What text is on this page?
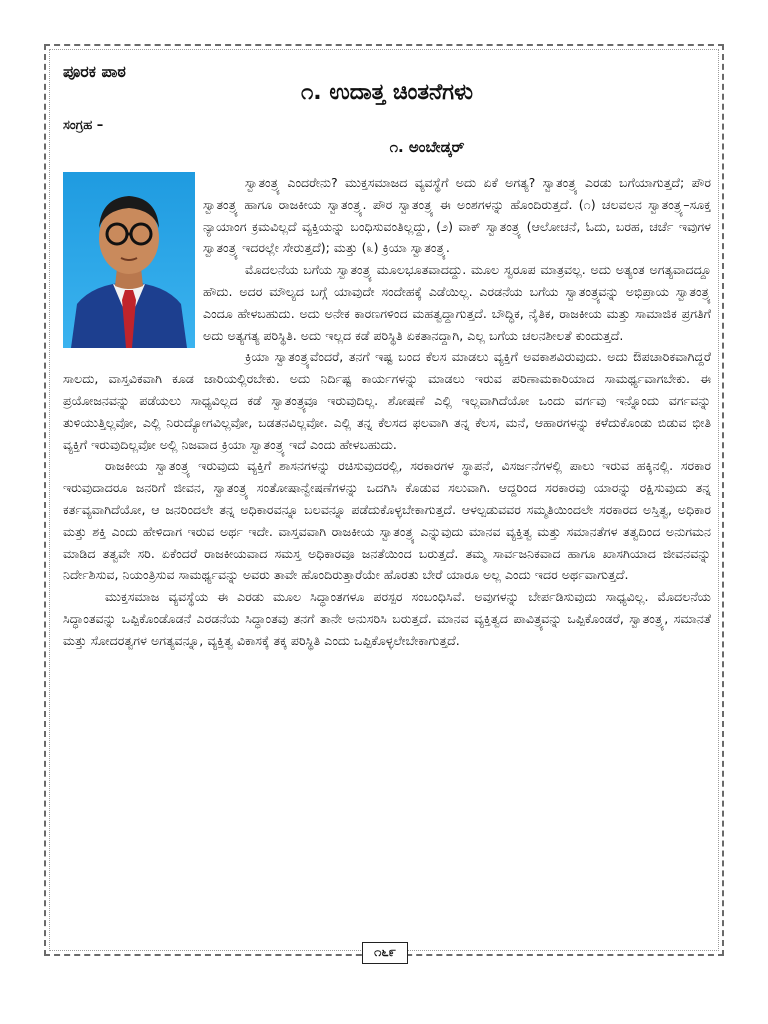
ಪೂರಕ ಪಾಠ
೧. ಉದಾತ್ತ ಚಿಂತನೆಗಳು
ಸಂಗ್ರಹ –
೧. ಅಂಬೇಡ್ಕರ್

ಸ್ವಾತಂತ್ರ್ಯ ಎಂದರೇನು? ಮುಕ್ತಸಮಾಜದ ವ್ಯವಸ್ಥೆಗೆ ಅದು ಏಕೆ ಅಗತ್ಯ? ಸ್ವಾತಂತ್ರ್ಯ ಎರಡು ಬಗೆಯಾಗುತ್ತದೆ; ಪೌರ ಸ್ವಾತಂತ್ರ್ಯ ಹಾಗೂ ರಾಜಕೀಯ ಸ್ವಾತಂತ್ರ್ಯ. ಪೌರ ಸ್ವಾತಂತ್ರ್ಯ ಈ ಅಂಶಗಳನ್ನು ಹೊಂದಿರುತ್ತದೆ. (೧) ಚಲವಲನ ಸ್ವಾತಂತ್ರ್ಯ–ಸೂಕ್ತ ನ್ಯಾಯಾಂಗ ಕ್ರಮವಿಲ್ಲದೆ ವ್ಯಕ್ತಿಯನ್ನು ಬಂಧಿಸುವಂತಿಲ್ಲದ್ದು, (೨) ವಾಕ್ ಸ್ವಾತಂತ್ರ್ಯ (ಆಲೋಚನೆ, ಓದು, ಬರಹ, ಚರ್ಚೆ ಇವುಗಳ ಸ್ವಾತಂತ್ರ್ಯ ಇದರಲ್ಲೇ ಸೇರುತ್ತದೆ); ಮತ್ತು (೩) ಕ್ರಿಯಾ ಸ್ವಾತಂತ್ರ್ಯ.

ಮೊದಲನೆಯ ಬಗೆಯ ಸ್ವಾತಂತ್ರ್ಯ ಮೂಲಭೂತವಾದದ್ದು. ಮೂಲ ಸ್ವರೂಪ ಮಾತ್ರವಲ್ಲ. ಅದು ಅತ್ಯಂತ ಅಗತ್ಯವಾದದ್ದೂ ಹೌದು. ಅದರ ಮೌಲ್ಯದ ಬಗ್ಗೆ ಯಾವುದೇ ಸಂದೇಹಕ್ಕೆ ಎಡೆಯಿಲ್ಲ. ಎರಡನೆಯ ಬಗೆಯ ಸ್ವಾತಂತ್ರ್ಯವನ್ನು ಅಭಿಪ್ರಾಯ ಸ್ವಾತಂತ್ರ್ಯ ಎಂದೂ ಹೇಳಬಹುದು. ಅದು ಅನೇಕ ಕಾರಣಗಳಿಂದ ಮಹತ್ವದ್ದಾಗುತ್ತದೆ. ಬೌದ್ಧಿಕ, ನೈತಿಕ, ರಾಜಕೀಯ ಮತ್ತು ಸಾಮಾಜಿಕ ಪ್ರಗತಿಗೆ ಅದು ಅತ್ಯಗತ್ಯ ಪರಿಸ್ಥಿತಿ. ಅದು ಇಲ್ಲದ ಕಡೆ ಪರಿಸ್ಥಿತಿ ಏಕತಾನದ್ದಾಗಿ, ಎಲ್ಲ ಬಗೆಯ ಚಲನಶೀಲತೆ ಕುಂದುತ್ತದೆ.

ಕ್ರಿಯಾ ಸ್ವಾತಂತ್ರ್ಯವೆಂದರೆ, ತನಗೆ ಇಷ್ಟ ಬಂದ ಕೆಲಸ ಮಾಡಲು ವ್ಯಕ್ತಿಗೆ ಅವಕಾಶವಿರುವುದು. ಅದು ಔಪಚಾರಿಕವಾಗಿದ್ದರೆ ಸಾಲದು, ವಾಸ್ತವಿಕವಾಗಿ ಕೂಡ ಜಾರಿಯಲ್ಲಿರಬೇಕು. ಅದು ನಿರ್ದಿಷ್ಟ ಕಾರ್ಯಗಳನ್ನು ಮಾಡಲು ಇರುವ ಪರಿಣಾಮಕಾರಿಯಾದ ಸಾಮರ್ಥ್ಯವಾಗಬೇಕು. ಈ ಪ್ರಯೋಜನವನ್ನು ಪಡೆಯಲು ಸಾಧ್ಯವಿಲ್ಲದ ಕಡೆ ಸ್ವಾತಂತ್ರ್ಯವೂ ಇರುವುದಿಲ್ಲ. ಶೋಷಣೆ ಎಲ್ಲಿ ಇಲ್ಲವಾಗಿದೆಯೋ ಒಂದು ವರ್ಗವು ಇನ್ನೊಂದು ವರ್ಗವನ್ನು ತುಳಿಯುತ್ತಿಲ್ಲವೋ, ಎಲ್ಲಿ ನಿರುದ್ಯೋಗವಿಲ್ಲವೋ, ಬಡತನವಿಲ್ಲವೋ. ಎಲ್ಲಿ ತನ್ನ ಕೆಲಸದ ಫಲವಾಗಿ ತನ್ನ ಕೆಲಸ, ಮನೆ, ಆಹಾರಗಳನ್ನು ಕಳೆದುಕೊಂಡು ಬಿಡುವ ಭೀತಿ ವ್ಯಕ್ತಿಗೆ ಇರುವುದಿಲ್ಲವೋ ಅಲ್ಲಿ ನಿಜವಾದ ಕ್ರಿಯಾ ಸ್ವಾತಂತ್ರ್ಯ ಇದೆ ಎಂದು ಹೇಳಬಹುದು.

ರಾಜಕೀಯ ಸ್ವಾತಂತ್ರ್ಯ ಇರುವುದು ವ್ಯಕ್ತಿಗೆ ಶಾಸನಗಳನ್ನು ರಚಿಸುವುದರಲ್ಲಿ, ಸರಕಾರಗಳ ಸ್ಥಾಪನೆ, ವಿಸರ್ಜನೆಗಳಲ್ಲಿ ಪಾಲು ಇರುವ ಹಕ್ಕಿನಲ್ಲಿ. ಸರಕಾರ ಇರುವುದಾದರೂ ಜನರಿಗೆ ಜೀವನ, ಸ್ವಾತಂತ್ರ್ಯ ಸಂತೋಷಾನ್ವೇಷಣೆಗಳನ್ನು ಒದಗಿಸಿ ಕೊಡುವ ಸಲುವಾಗಿ. ಆದ್ದರಿಂದ ಸರಕಾರವು ಯಾರನ್ನು ರಕ್ಷಿಸುವುದು ತನ್ನ ಕರ್ತವ್ಯವಾಗಿದೆಯೋ, ಆ ಜನರಿಂದಲೇ ತನ್ನ ಅಧಿಕಾರವನ್ನೂ ಬಲವನ್ನೂ ಪಡೆದುಕೊಳ್ಳಬೇಕಾಗುತ್ತದೆ. ಆಳಲ್ಪಡುವವರ ಸಮ್ಮತಿಯಿಂದಲೇ ಸರಕಾರದ ಅಸ್ತಿತ್ವ, ಅಧಿಕಾರ ಮತ್ತು ಶಕ್ತಿ ಎಂದು ಹೇಳಿದಾಗ ಇರುವ ಅರ್ಥ ಇದೇ. ವಾಸ್ತವವಾಗಿ ರಾಜಕೀಯ ಸ್ವಾತಂತ್ರ್ಯ ಎನ್ನುವುದು ಮಾನವ ವ್ಯಕ್ತಿತ್ವ ಮತ್ತು ಸಮಾನತೆಗಳ ತತ್ವದಿಂದ ಅನುಗಮನ ಮಾಡಿದ ತತ್ವವೇ ಸರಿ. ಏಕೆಂದರೆ ರಾಜಕೀಯವಾದ ಸಮಸ್ತ ಅಧಿಕಾರವೂ ಜನತೆಯಿಂದ ಬರುತ್ತದೆ. ತಮ್ಮ ಸಾರ್ವಜನಿಕವಾದ ಹಾಗೂ ಖಾಸಗಿಯಾದ ಜೀವನವನ್ನು ನಿರ್ದೇಶಿಸುವ, ನಿಯಂತ್ರಿಸುವ ಸಾಮರ್ಥ್ಯವನ್ನು ಅವರು ತಾವೇ ಹೊಂದಿರುತ್ತಾರೆಯೇ ಹೊರತು ಬೇರೆ ಯಾರೂ ಅಲ್ಲ ಎಂದು ಇದರ ಅರ್ಥವಾಗುತ್ತದೆ.

ಮುಕ್ತಸಮಾಜ ವ್ಯವಸ್ಥೆಯ ಈ ಎರಡು ಮೂಲ ಸಿದ್ಧಾಂತಗಳೂ ಪರಸ್ಪರ ಸಂಬಂಧಿಸಿವೆ. ಅವುಗಳನ್ನು ಬೇರ್ಪಡಿಸುವುದು ಸಾಧ್ಯವಿಲ್ಲ. ಮೊದಲನೆಯ ಸಿದ್ಧಾಂತವನ್ನು ಒಪ್ಪಿಕೊಂಡೊಡನೆ ಎರಡನೆಯ ಸಿದ್ಧಾಂತವು ತನಗೆ ತಾನೇ ಅನುಸರಿಸಿ ಬರುತ್ತದೆ. ಮಾನವ ವ್ಯಕ್ತಿತ್ವದ ಪಾವಿತ್ರ್ಯವನ್ನು ಒಪ್ಪಿಕೊಂಡರೆ, ಸ್ವಾತಂತ್ರ್ಯ, ಸಮಾನತೆ ಮತ್ತು ಸೋದರತ್ವಗಳ ಅಗತ್ಯವನ್ನೂ, ವ್ಯಕ್ತಿತ್ವ ವಿಕಾಸಕ್ಕೆ ತಕ್ಕ ಪರಿಸ್ಥಿತಿ ಎಂದು ಒಪ್ಪಿಕೊಳ್ಳಲೇಬೇಕಾಗುತ್ತದೆ.

೧೬೯
